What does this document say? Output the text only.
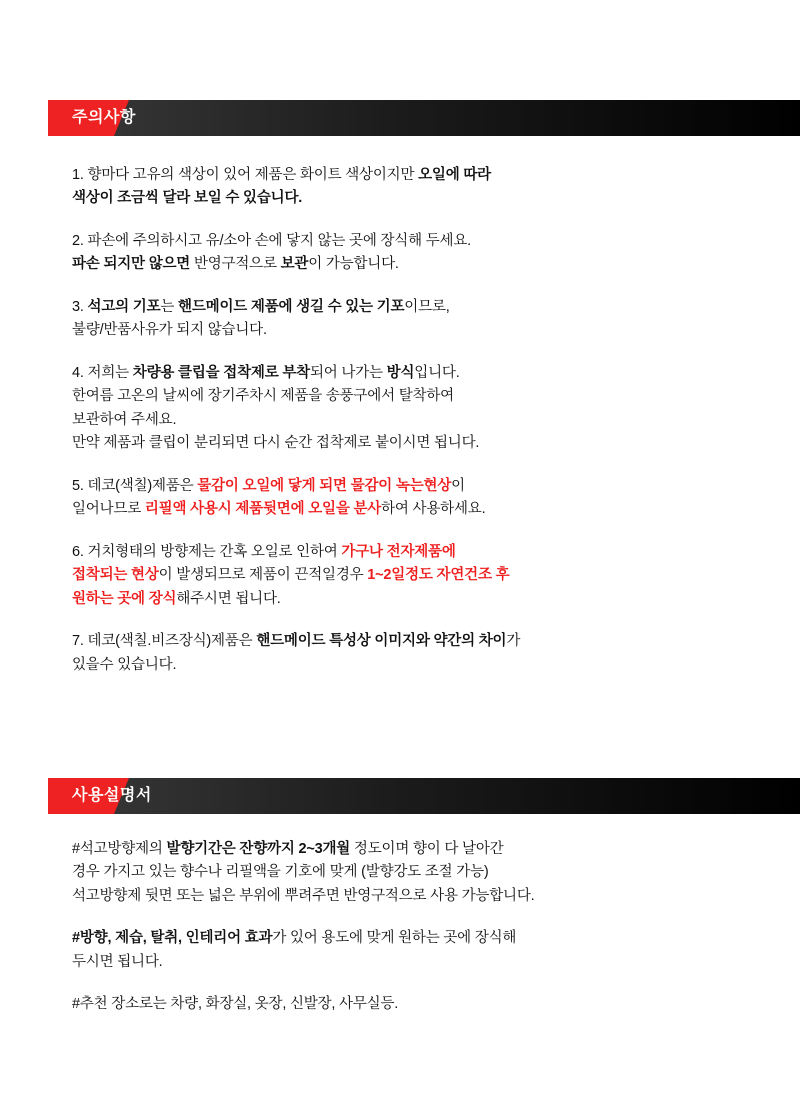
주의사항

1. 향마다 고유의 색상이 있어 제품은 화이트 색상이지만 오일에 따라
색상이 조금씩 달라 보일 수 있습니다.

2. 파손에 주의하시고 유/소아 손에 닿지 않는 곳에 장식해 두세요.
파손 되지만 않으면 반영구적으로 보관이 가능합니다.

3. 석고의 기포는 핸드메이드 제품에 생길 수 있는 기포이므로,
불량/반품사유가 되지 않습니다.

4. 저희는 차량용 클립을 접착제로 부착되어 나가는 방식입니다.
한여름 고온의 날씨에 장기주차시 제품을 송풍구에서 탈착하여
보관하여 주세요.
만약 제품과 클립이 분리되면 다시 순간 접착제로 붙이시면 됩니다.

5. 데코(색칠)제품은 물감이 오일에 닿게 되면 물감이 녹는현상이
일어나므로 리필액 사용시 제품뒷면에 오일을 분사하여 사용하세요.

6. 거치형태의 방향제는 간혹 오일로 인하여 가구나 전자제품에
접착되는 현상이 발생되므로 제품이 끈적일경우 1~2일정도 자연건조 후
원하는 곳에 장식해주시면 됩니다.

7. 데코(색칠.비즈장식)제품은 핸드메이드 특성상 이미지와 약간의 차이가
있을수 있습니다.

사용설명서

#석고방향제의 발향기간은 잔향까지 2~3개월 정도이며 향이 다 날아간
경우 가지고 있는 향수나 리필액을 기호에 맞게 (발향강도 조절 가능)
석고방향제 뒷면 또는 넓은 부위에 뿌려주면 반영구적으로 사용 가능합니다.

#방향, 제습, 탈취, 인테리어 효과가 있어 용도에 맞게 원하는 곳에 장식해
두시면 됩니다.

#추천 장소로는 차량, 화장실, 옷장, 신발장, 사무실등.
